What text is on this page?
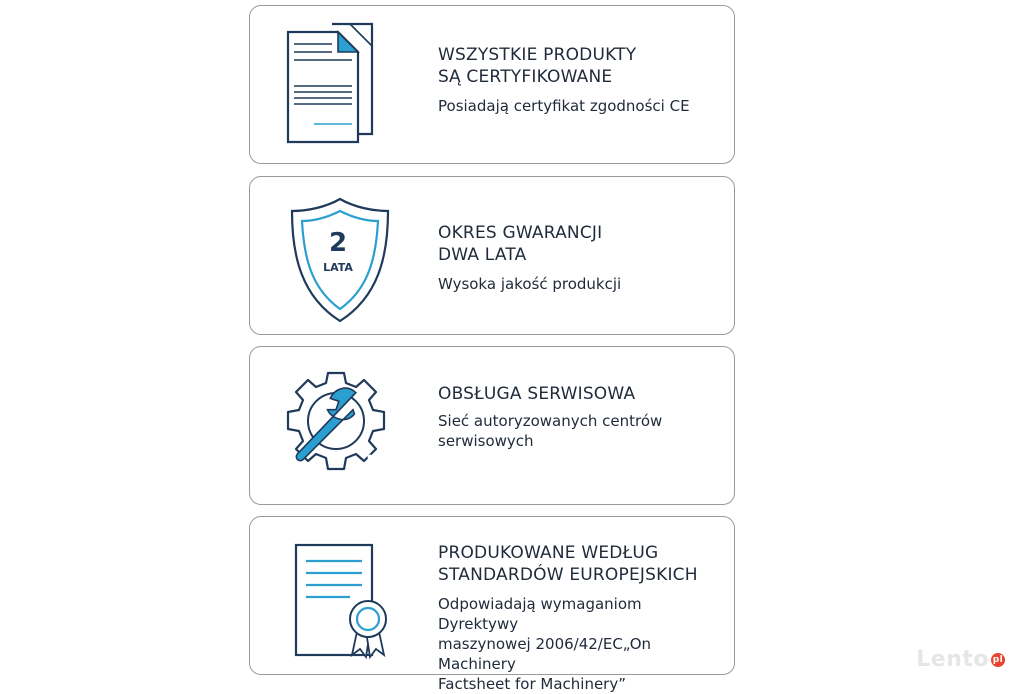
WSZYSTKIE PRODUKTY
SĄ CERTYFIKOWANE
Posiadają certyfikat zgodności CE
2
LATA
OKRES GWARANCJI
DWA LATA
Wysoka jakość produkcji
OBSŁUGA SERWISOWA
Sieć autoryzowanych centrów
serwisowych
PRODUKOWANE WEDŁUG
STANDARDÓW EUROPEJSKICH
Odpowiadają wymaganiom Dyrektywy
maszynowej 2006/42/EC„On Machinery
Factsheet for Machinery”
Lento pl
